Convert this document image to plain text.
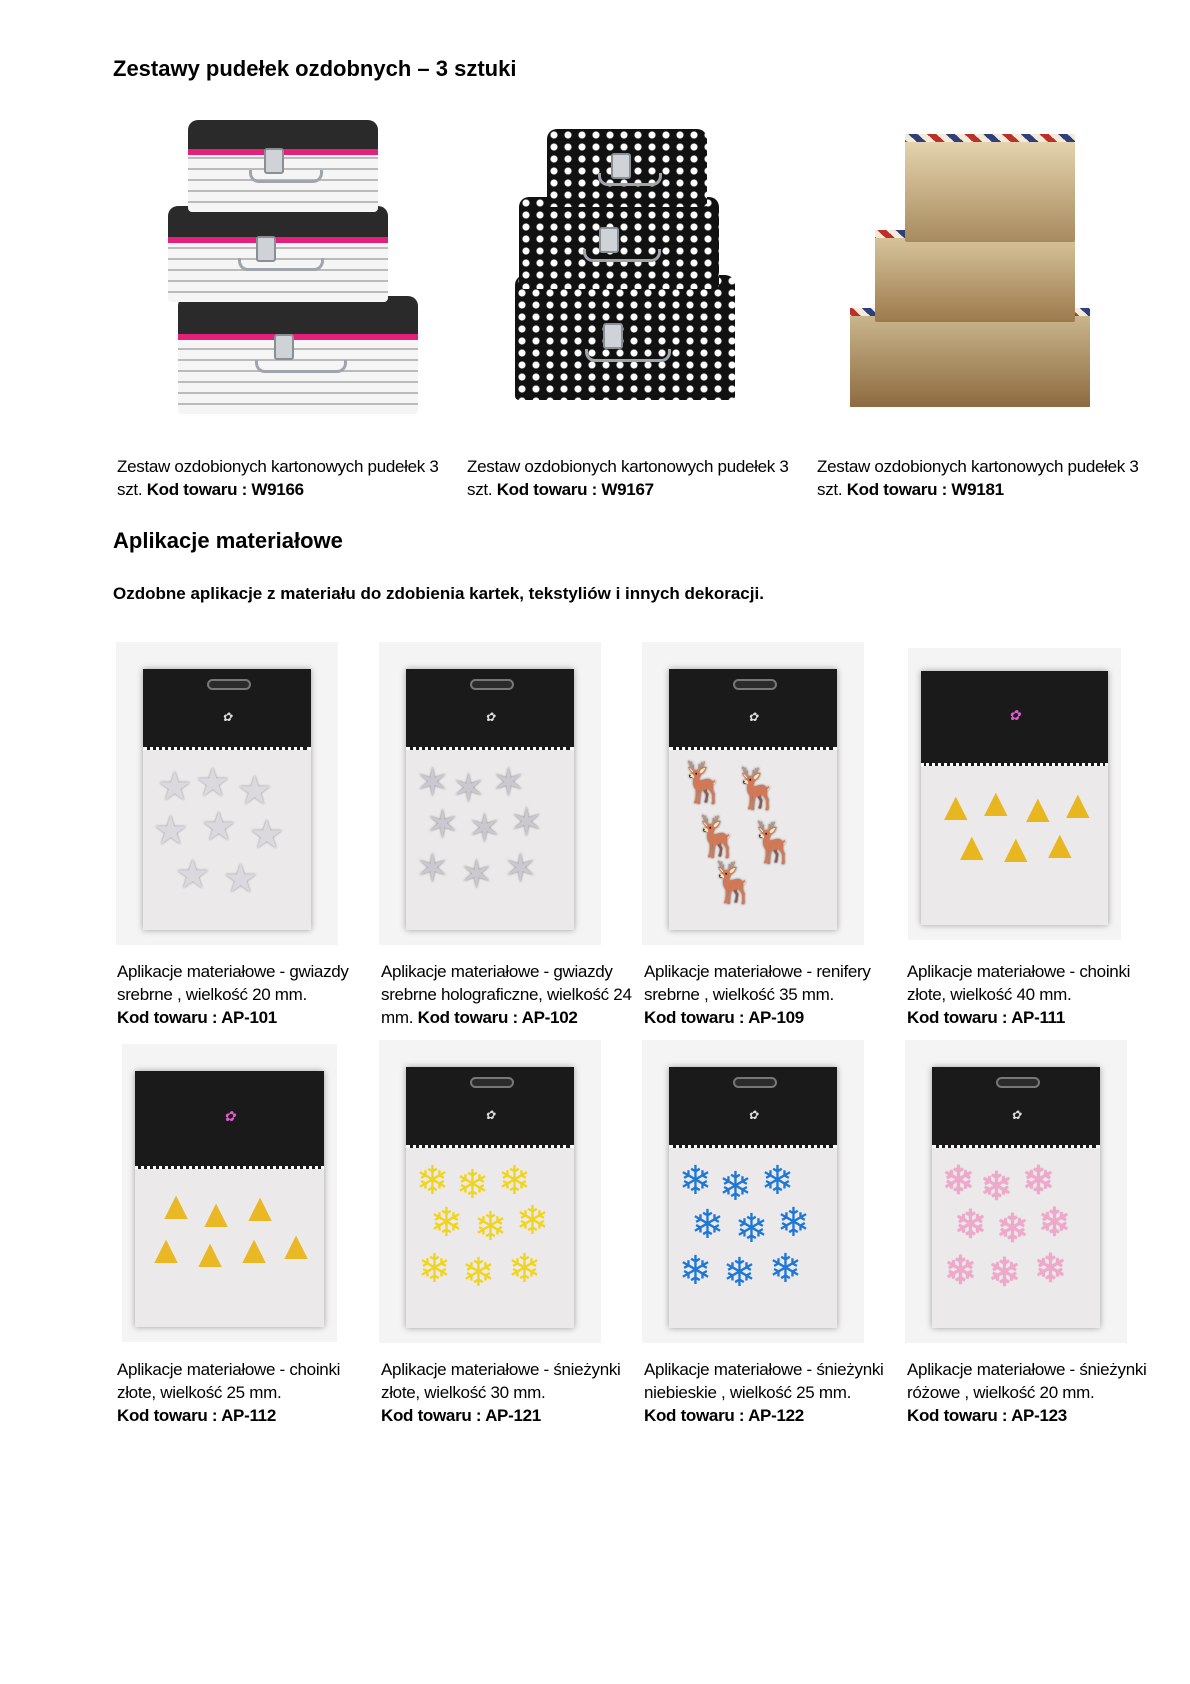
Zestawy pudełek ozdobnych – 3 sztuki
Zestaw ozdobionych kartonowych pudełek 3 szt. Kod towaru : W9166
Zestaw ozdobionych kartonowych pudełek 3 szt. Kod towaru : W9167
Zestaw ozdobionych kartonowych pudełek 3 szt. Kod towaru : W9181
Aplikacje materiałowe

Ozdobne aplikacje z materiału do zdobienia kartek, tekstyliów i innych dekoracji.

✿
★ ★ ★
★ ★ ★
★ ★
Aplikacje materiałowe - gwiazdy srebrne , wielkość 20 mm.
Kod towaru : AP-101
✿
✶ ✶ ✶
✶ ✶ ✶
✶ ✶ ✶
Aplikacje materiałowe - gwiazdy srebrne holograficzne, wielkość 24 mm. Kod towaru : AP-102
✿
🦌 🦌
🦌 🦌
🦌
Aplikacje materiałowe - renifery srebrne , wielkość 35 mm.
Kod towaru : AP-109
✿
▲ ▲ ▲ ▲
▲ ▲ ▲
Aplikacje materiałowe - choinki złote, wielkość 40 mm.
Kod towaru : AP-111
✿
▲ ▲ ▲
▲ ▲ ▲ ▲
Aplikacje materiałowe - choinki złote, wielkość 25 mm.
Kod towaru : AP-112
✿
❄ ❄ ❄
❄ ❄ ❄
❄ ❄ ❄
Aplikacje materiałowe - śnieżynki złote, wielkość 30 mm.
Kod towaru : AP-121
✿
❄ ❄ ❄
❄ ❄ ❄
❄ ❄ ❄
Aplikacje materiałowe - śnieżynki niebieskie , wielkość 25 mm.
Kod towaru : AP-122
✿
❄ ❄ ❄
❄ ❄ ❄
❄ ❄ ❄
Aplikacje materiałowe - śnieżynki różowe , wielkość 20 mm.
Kod towaru : AP-123
